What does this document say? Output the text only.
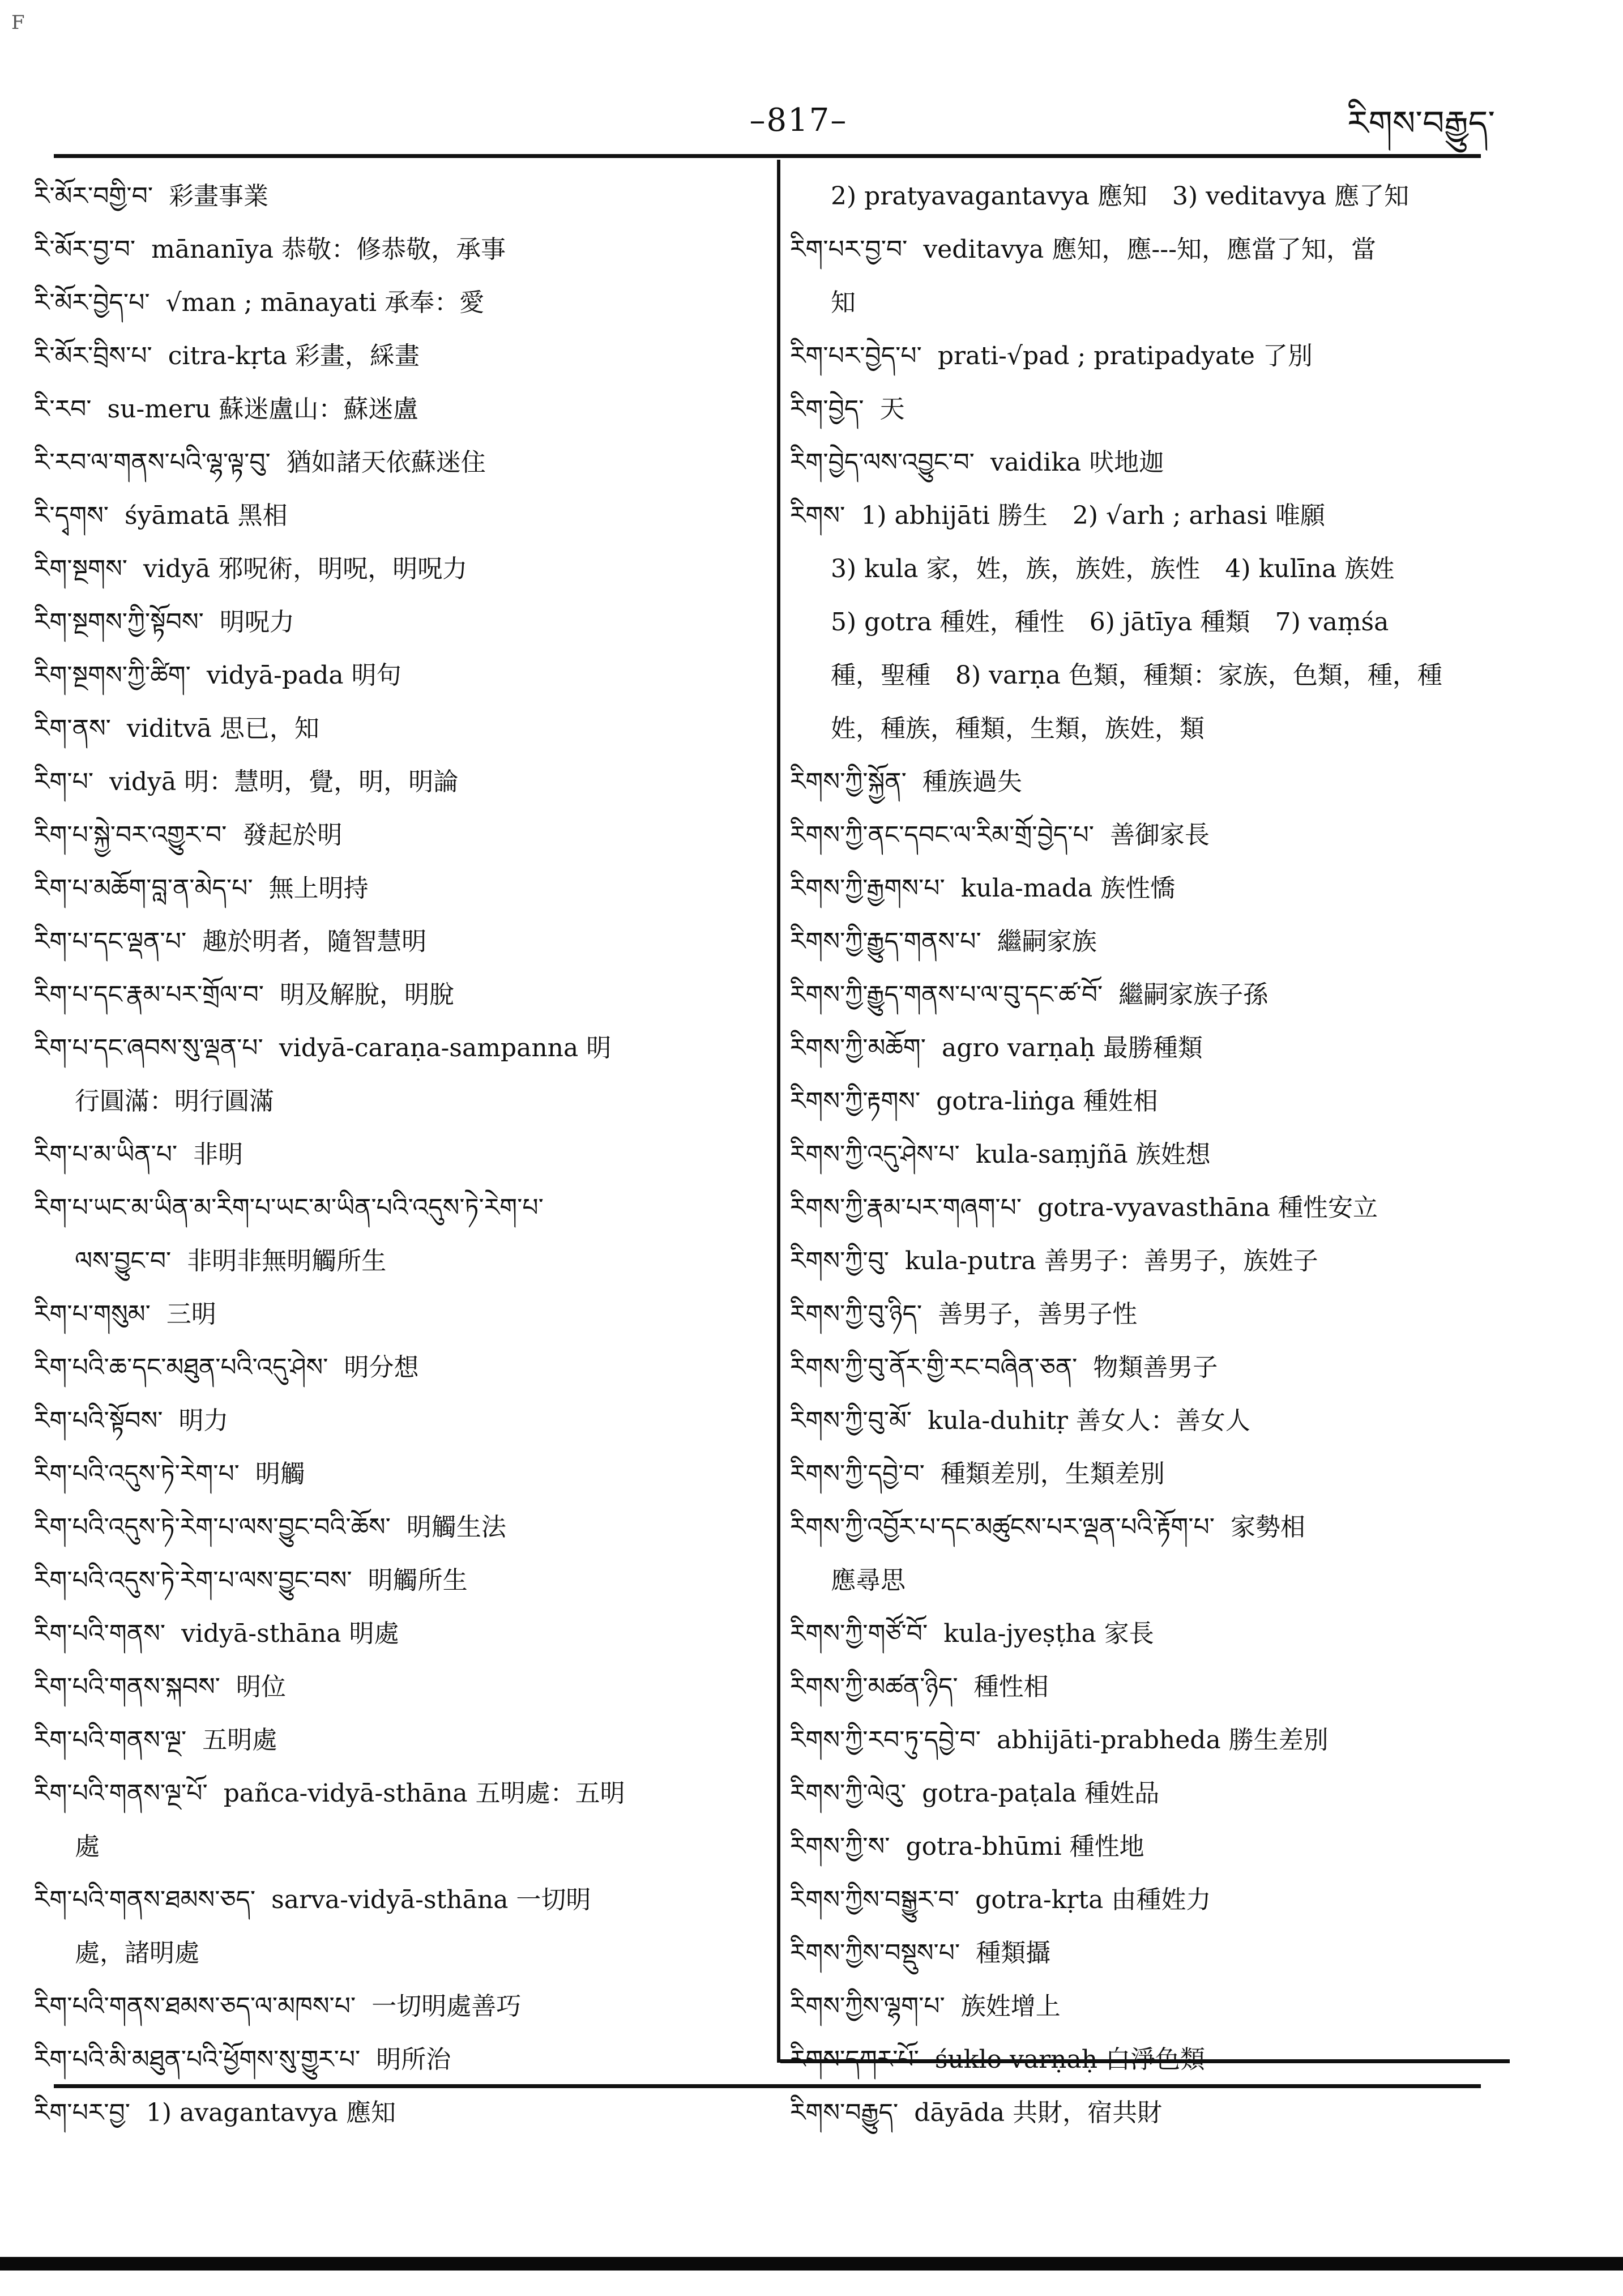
F
–817–	རིགས་བརྒྱུད་
རི་མོར་བགྱི་བ་ 彩畫事業
རི་མོར་བྱ་བ་ mānanīya 恭敬：修恭敬，承事
རི་མོར་བྱེད་པ་ √man ; mānayati 承奉：愛
རི་མོར་བྲིས་པ་ citra-kṛta 彩畫，綵畫
རི་རབ་ su-meru 蘇迷盧山：蘇迷盧
རི་རབ་ལ་གནས་པའི་ལྷ་ལྟ་བུ་ 猶如諸天依蘇迷住
རི་དྭགས་ śyāmatā 黑相
རིག་སྔགས་ vidyā 邪呪術，明呪，明呪力
རིག་སྔགས་ཀྱི་སྟོབས་ 明呪力
རིག་སྔགས་ཀྱི་ཚིག་ vidyā-pada 明句
རིག་ནས་ viditvā 思已，知
རིག་པ་ vidyā 明：慧明，覺，明，明論
རིག་པ་སྐྱེ་བར་འགྱུར་བ་ 發起於明
རིག་པ་མཆོག་བླ་ན་མེད་པ་ 無上明持
རིག་པ་དང་ལྡན་པ་ 趣於明者，隨智慧明
རིག་པ་དང་རྣམ་པར་གྲོལ་བ་ 明及解脫，明脫
རིག་པ་དང་ཞབས་སུ་ལྡན་པ་ vidyā-caraṇa-sampanna 明
行圓滿：明行圓滿
རིག་པ་མ་ཡིན་པ་ 非明
རིག་པ་ཡང་མ་ཡིན་མ་རིག་པ་ཡང་མ་ཡིན་པའི་འདུས་ཏེ་རེག་པ་
ལས་བྱུང་བ་ 非明非無明觸所生
རིག་པ་གསུམ་ 三明
རིག་པའི་ཆ་དང་མཐུན་པའི་འདུ་ཤེས་ 明分想
རིག་པའི་སྟོབས་ 明力
རིག་པའི་འདུས་ཏེ་རེག་པ་ 明觸
རིག་པའི་འདུས་ཏེ་རེག་པ་ལས་བྱུང་བའི་ཆོས་ 明觸生法
རིག་པའི་འདུས་ཏེ་རེག་པ་ལས་བྱུང་བས་ 明觸所生
རིག་པའི་གནས་ vidyā-sthāna 明處
རིག་པའི་གནས་སྐབས་ 明位
རིག་པའི་གནས་ལྔ་ 五明處
རིག་པའི་གནས་ལྔ་པོ་ pañca-vidyā-sthāna 五明處：五明
處
རིག་པའི་གནས་ཐམས་ཅད་ sarva-vidyā-sthāna 一切明
處，諸明處
རིག་པའི་གནས་ཐམས་ཅད་ལ་མཁས་པ་ 一切明處善巧
རིག་པའི་མི་མཐུན་པའི་ཕྱོགས་སུ་གྱུར་པ་ 明所治
རིག་པར་བྱ་ 1) avagantavya 應知
2) pratyavagantavya 應知　3) veditavya 應了知
རིག་པར་བྱ་བ་ veditavya 應知，應---知，應當了知，當
知
རིག་པར་བྱེད་པ་ prati-√pad ; pratipadyate 了別
རིག་བྱེད་ 天
རིག་བྱེད་ལས་འབྱུང་བ་ vaidika 吠地迦
རིགས་ 1) abhijāti 勝生　2) √arh ; arhasi 唯願
3) kula 家，姓，族，族姓，族性　4) kulīna 族姓
5) gotra 種姓，種性　6) jātīya 種類　7) vaṃśa
種，聖種　8) varṇa 色類，種類：家族，色類，種，種
姓，種族，種類，生類，族姓，類
རིགས་ཀྱི་སྐྱོན་ 種族過失
རིགས་ཀྱི་ནང་དབང་ལ་རིམ་གྲོ་བྱེད་པ་ 善御家長
རིགས་ཀྱི་རྒྱགས་པ་ kula-mada 族性憍
རིགས་ཀྱི་རྒྱུད་གནས་པ་ 繼嗣家族
རིགས་ཀྱི་རྒྱུད་གནས་པ་ལ་བུ་དང་ཚ་བོ་ 繼嗣家族子孫
རིགས་ཀྱི་མཆོག་ agro varṇaḥ 最勝種類
རིགས་ཀྱི་རྟགས་ gotra-liṅga 種姓相
རིགས་ཀྱི་འདུ་ཤེས་པ་ kula-saṃjñā 族姓想
རིགས་ཀྱི་རྣམ་པར་གཞག་པ་ gotra-vyavasthāna 種性安立
རིགས་ཀྱི་བུ་ kula-putra 善男子：善男子，族姓子
རིགས་ཀྱི་བུ་ཉིད་ 善男子，善男子性
རིགས་ཀྱི་བུ་ནོར་གྱི་རང་བཞིན་ཅན་ 物類善男子
རིགས་ཀྱི་བུ་མོ་ kula-duhitṛ 善女人：善女人
རིགས་ཀྱི་དབྱེ་བ་ 種類差別，生類差別
རིགས་ཀྱི་འབྱོར་པ་དང་མཚུངས་པར་ལྡན་པའི་རྟོག་པ་ 家勢相
應尋思
རིགས་ཀྱི་གཙོ་བོ་ kula-jyeṣṭha 家長
རིགས་ཀྱི་མཚན་ཉིད་ 種性相
རིགས་ཀྱི་རབ་ཏུ་དབྱེ་བ་ abhijāti-prabheda 勝生差別
རིགས་ཀྱི་ལེའུ་ gotra-paṭala 種姓品
རིགས་ཀྱི་ས་ gotra-bhūmi 種性地
རིགས་ཀྱིས་བསྒྱུར་བ་ gotra-kṛta 由種姓力
རིགས་ཀྱིས་བསྡུས་པ་ 種類攝
རིགས་ཀྱིས་ལྷག་པ་ 族姓增上
རིགས་བརྒྱུད་ dāyāda 共財，宿共財
